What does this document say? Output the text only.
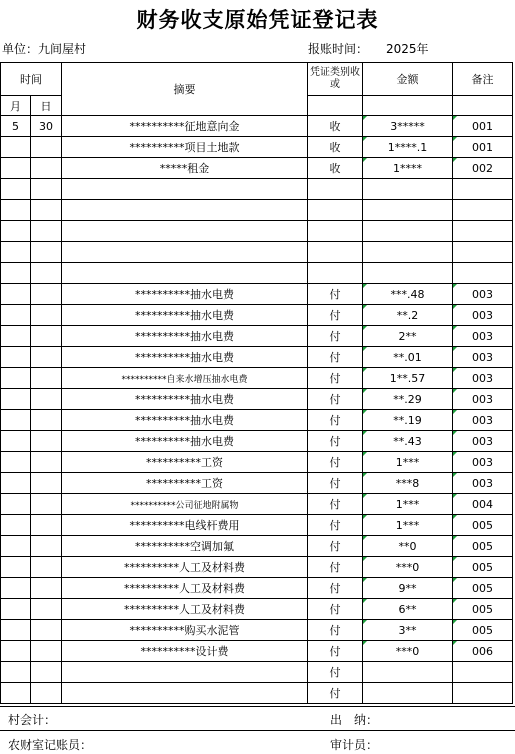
财务收支原始凭证登记表
单位：九间屋村	报账时间： 2025年
时间		摘要	凭证类别收或	金额	备注
月	日				
5	30	**********征地意向金	收	3*****	001

		**********项目土地款	收	1****.1	001

		*****租金	收	1****	002

		**********抽水电费	付	***.48	003

		**********抽水电费	付	**.2	003

		**********抽水电费	付	2**	003

		**********抽水电费	付	**.01	003

		**********自来水增压抽水电费	付	1**.57	003

		**********抽水电费	付	**.29	003

		**********抽水电费	付	**.19	003

		**********抽水电费	付	**.43	003

		**********工资	付	1***	003

		**********工资	付	***8	003

		**********公司征地附属物	付	1***	004

		**********电线杆费用	付	1***	005

		**********空调加氟	付	**0	005

		**********人工及材料费	付	***0	005

		**********人工及材料费	付	9**	005

		**********人工及材料费	付	6**	005

		**********购买水泥管	付	3**	005

		**********设计费	付	***0	006

			付		
			付		
村会计：	出　纳：
农财室记账员：	审计员：
